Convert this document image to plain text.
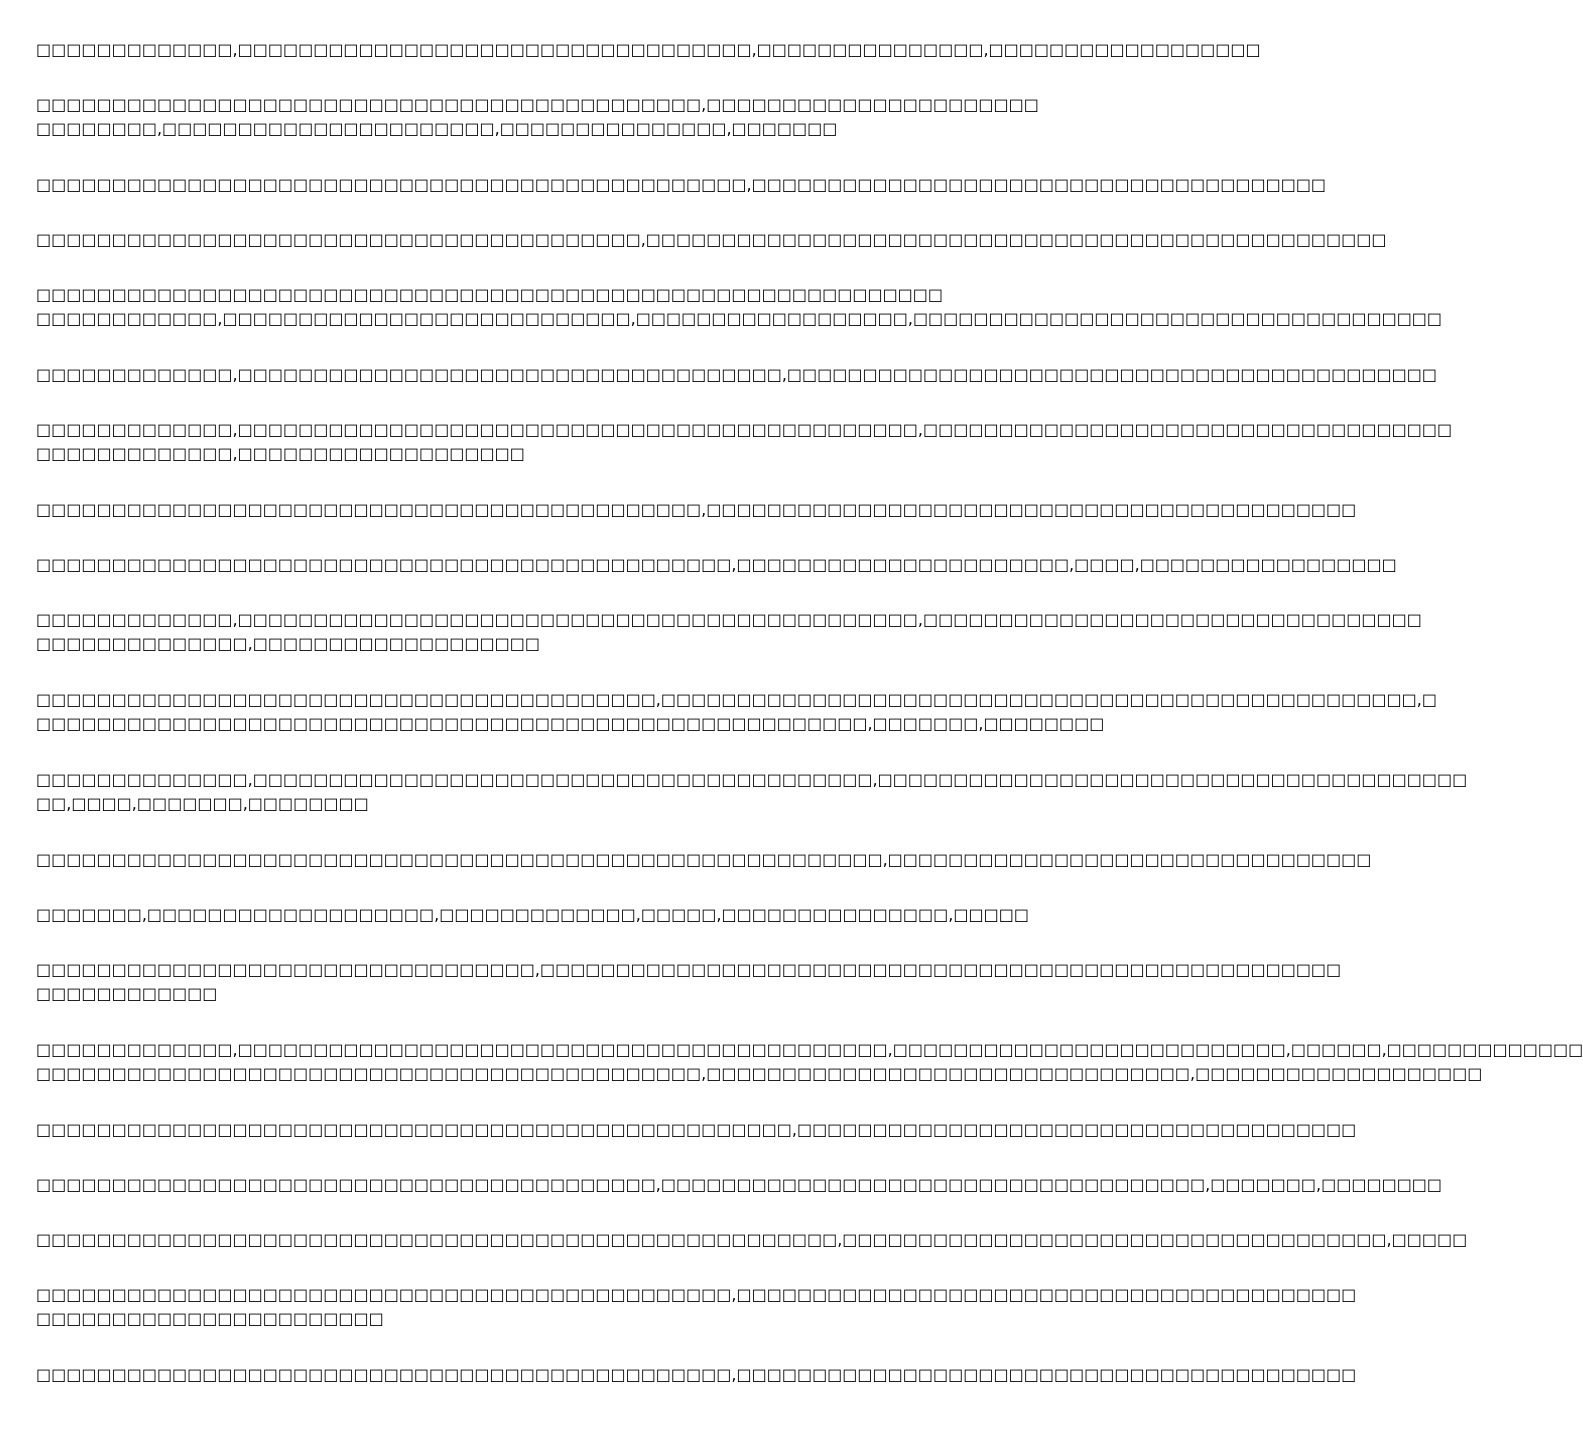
□□□□□□□□□□□□□,□□□□□□□□□□□□□□□□□□□□□□□□□□□□□□□□□□,□□□□□□□□□□□□□□□,□□□□□□□□□□□□□□□□□□

□□□□□□□□□□□□□□□□□□□□□□□□□□□□□□□□□□□□□□□□□□□□,□□□□□□□□□□□□□□□□□□□□□□
□□□□□□□□,□□□□□□□□□□□□□□□□□□□□□□,□□□□□□□□□□□□□□□,□□□□□□□

□□□□□□□□□□□□□□□□□□□□□□□□□□□□□□□□□□□□□□□□□□□□□□□,□□□□□□□□□□□□□□□□□□□□□□□□□□□□□□□□□□□□□□

□□□□□□□□□□□□□□□□□□□□□□□□□□□□□□□□□□□□□□□□,□□□□□□□□□□□□□□□□□□□□□□□□□□□□□□□□□□□□□□□□□□□□□□□□□

□□□□□□□□□□□□□□□□□□□□□□□□□□□□□□□□□□□□□□□□□□□□□□□□□□□□□□□□□□□□
□□□□□□□□□□□□,□□□□□□□□□□□□□□□□□□□□□□□□□□□,□□□□□□□□□□□□□□□□□□,□□□□□□□□□□□□□□□□□□□□□□□□□□□□□□□□□□□

□□□□□□□□□□□□□,□□□□□□□□□□□□□□□□□□□□□□□□□□□□□□□□□□□□,□□□□□□□□□□□□□□□□□□□□□□□□□□□□□□□□□□□□□□□□□□□

□□□□□□□□□□□□□,□□□□□□□□□□□□□□□□□□□□□□□□□□□□□□□□□□□□□□□□□□□□□,□□□□□□□□□□□□□□□□□□□□□□□□□□□□□□□□□□□
□□□□□□□□□□□□□,□□□□□□□□□□□□□□□□□□□

□□□□□□□□□□□□□□□□□□□□□□□□□□□□□□□□□□□□□□□□□□□□,□□□□□□□□□□□□□□□□□□□□□□□□□□□□□□□□□□□□□□□□□□□

□□□□□□□□□□□□□□□□□□□□□□□□□□□□□□□□□□□□□□□□□□□□□□,□□□□□□□□□□□□□□□□□□□□□□,□□□□,□□□□□□□□□□□□□□□□□

□□□□□□□□□□□□□,□□□□□□□□□□□□□□□□□□□□□□□□□□□□□□□□□□□□□□□□□□□□□,□□□□□□□□□□□□□□□□□□□□□□□□□□□□□□□□□
□□□□□□□□□□□□□□,□□□□□□□□□□□□□□□□□□□

□□□□□□□□□□□□□□□□□□□□□□□□□□□□□□□□□□□□□□□□□,□□□□□□□□□□□□□□□□□□□□□□□□□□□□□□□□□□□□□□□□□□□□□□□□□□,□
□□□□□□□□□□□□□□□□□□□□□□□□□□□□□□□□□□□□□□□□□□□□□□□□□□□□□□□,□□□□□□□,□□□□□□□□

□□□□□□□□□□□□□□,□□□□□□□□□□□□□□□□□□□□□□□□□□□□□□□□□□□□□□□□□,□□□□□□□□□□□□□□□□□□□□□□□□□□□□□□□□□□□□□□□
□□,□□□□,□□□□□□□,□□□□□□□□

□□□□□□□□□□□□□□□□□□□□□□□□□□□□□□□□□□□□□□□□□□□□□□□□□□□□□□□□,□□□□□□□□□□□□□□□□□□□□□□□□□□□□□□□□

□□□□□□□,□□□□□□□□□□□□□□□□□□□,□□□□□□□□□□□□□,□□□□□,□□□□□□□□□□□□□□□,□□□□□

□□□□□□□□□□□□□□□□□□□□□□□□□□□□□□□□□,□□□□□□□□□□□□□□□□□□□□□□□□□□□□□□□□□□□□□□□□□□□□□□□□□□□□□
□□□□□□□□□□□□

□□□□□□□□□□□□□,□□□□□□□□□□□□□□□□□□□□□□□□□□□□□□□□□□□□□□□□□□□,□□□□□□□□□□□□□□□□□□□□□□□□□□,□□□□□□,□□□□□□□□□□□□□
□□□□□□□□□□□□□□□□□□□□□□□□□□□□□□□□□□□□□□□□□□□□,□□□□□□□□□□□□□□□□□□□□□□□□□□□□□□□□,□□□□□□□□□□□□□□□□□□□

□□□□□□□□□□□□□□□□□□□□□□□□□□□□□□□□□□□□□□□□□□□□□□□□□□,□□□□□□□□□□□□□□□□□□□□□□□□□□□□□□□□□□□□□

□□□□□□□□□□□□□□□□□□□□□□□□□□□□□□□□□□□□□□□□□,□□□□□□□□□□□□□□□□□□□□□□□□□□□□□□□□□□□□,□□□□□□□,□□□□□□□□

□□□□□□□□□□□□□□□□□□□□□□□□□□□□□□□□□□□□□□□□□□□□□□□□□□□□□,□□□□□□□□□□□□□□□□□□□□□□□□□□□□□□□□□□□□,□□□□□

□□□□□□□□□□□□□□□□□□□□□□□□□□□□□□□□□□□□□□□□□□□□□□,□□□□□□□□□□□□□□□□□□□□□□□□□□□□□□□□□□□□□□□□□
□□□□□□□□□□□□□□□□□□□□□□□

□□□□□□□□□□□□□□□□□□□□□□□□□□□□□□□□□□□□□□□□□□□□□□,□□□□□□□□□□□□□□□□□□□□□□□□□□□□□□□□□□□□□□□□□
